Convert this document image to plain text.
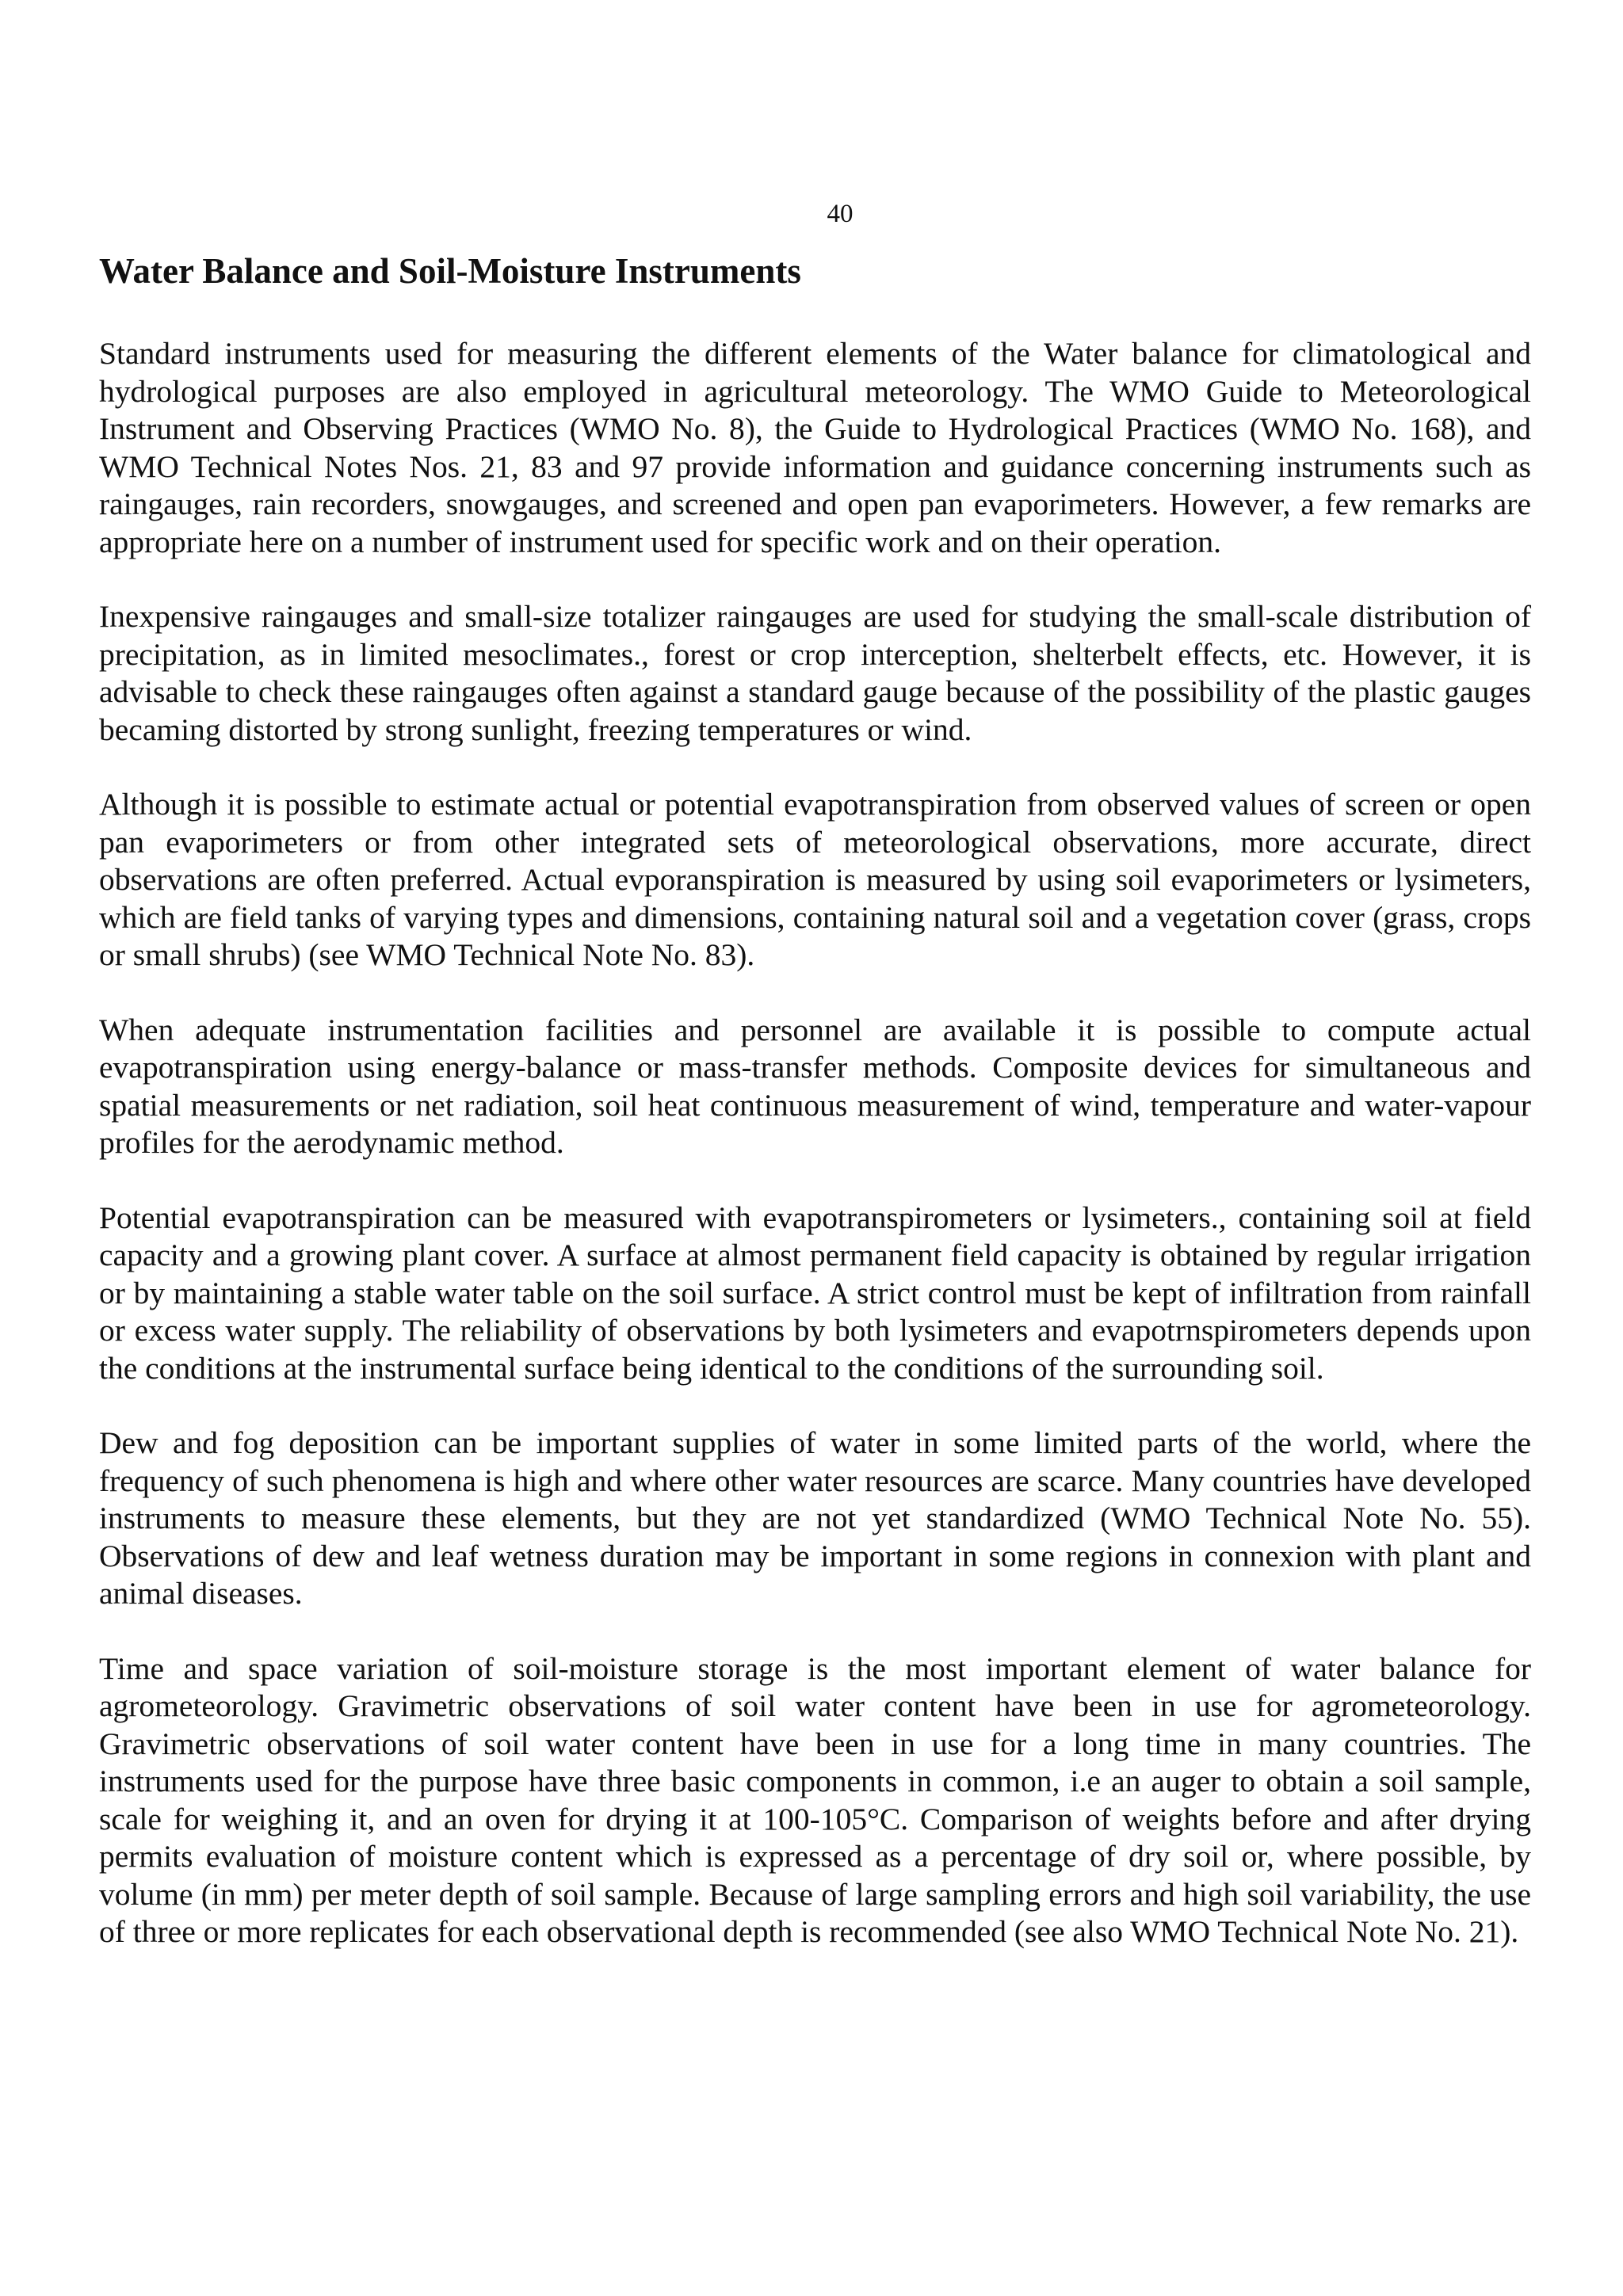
40
Water Balance and Soil-Moisture Instruments

Standard instruments used for measuring the different elements of the Water balance for climatological and hydrological purposes are also employed in agricultural meteorology. The WMO Guide to Meteorological Instrument and Observing Practices (WMO No. 8), the Guide to Hydrological Practices (WMO No. 168), and WMO Technical Notes Nos. 21, 83 and 97 provide information and guidance concerning instruments such as raingauges, rain recorders, snowgauges, and screened and open pan evaporimeters. However, a few remarks are appropriate here on a number of instrument used for specific work and on their operation.

Inexpensive raingauges and small-size totalizer raingauges are used for studying the small-scale distribution of precipitation, as in limited mesoclimates., forest or crop interception, shelterbelt effects, etc. However, it is advisable to check these raingauges often against a standard gauge because of the possibility of the plastic gauges becaming distorted by strong sunlight, freezing temperatures or wind.

Although it is possible to estimate actual or potential evapotranspiration from observed values of screen or open pan evaporimeters or from other integrated sets of meteorological observations, more accurate, direct observations are often preferred. Actual evporanspiration is measured by using soil evaporimeters or lysimeters, which are field tanks of varying types and dimensions, containing natural soil and a vegetation cover (grass, crops or small shrubs) (see WMO Technical Note No. 83).

When adequate instrumentation facilities and personnel are available it is possible to compute actual evapotranspiration using energy-balance or mass-transfer methods. Composite devices for simultaneous and spatial measurements or net radiation, soil heat continuous measurement of wind, temperature and water-vapour profiles for the aerodynamic method.

Potential evapotranspiration can be measured with evapotranspirometers or lysimeters., containing soil at field capacity and a growing plant cover. A surface at almost permanent field capacity is obtained by regular irrigation or by maintaining a stable water table on the soil surface. A strict control must be kept of infiltration from rainfall or excess water supply. The reliability of observations by both lysimeters and evapotrnspirometers depends upon the conditions at the instrumental surface being identical to the conditions of the surrounding soil.

Dew and fog deposition can be important supplies of water in some limited parts of the world, where the frequency of such phenomena is high and where other water resources are scarce. Many countries have developed instruments to measure these elements, but they are not yet standardized (WMO Technical Note No. 55). Observations of dew and leaf wetness duration may be important in some regions in connexion with plant and animal diseases.

Time and space variation of soil-moisture storage is the most important element of water balance for agrometeorology. Gravimetric observations of soil water content have been in use for agrometeorology. Gravimetric observations of soil water content have been in use for a long time in many countries. The instruments used for the purpose have three basic components in common, i.e an auger to obtain a soil sample, scale for weighing it, and an oven for drying it at 100-105°C. Comparison of weights before and after drying permits evaluation of moisture content which is expressed as a percentage of dry soil or, where possible, by volume (in mm) per meter depth of soil sample. Because of large sampling errors and high soil variability, the use of three or more replicates for each observational depth is recommended (see also WMO Technical Note No. 21).
